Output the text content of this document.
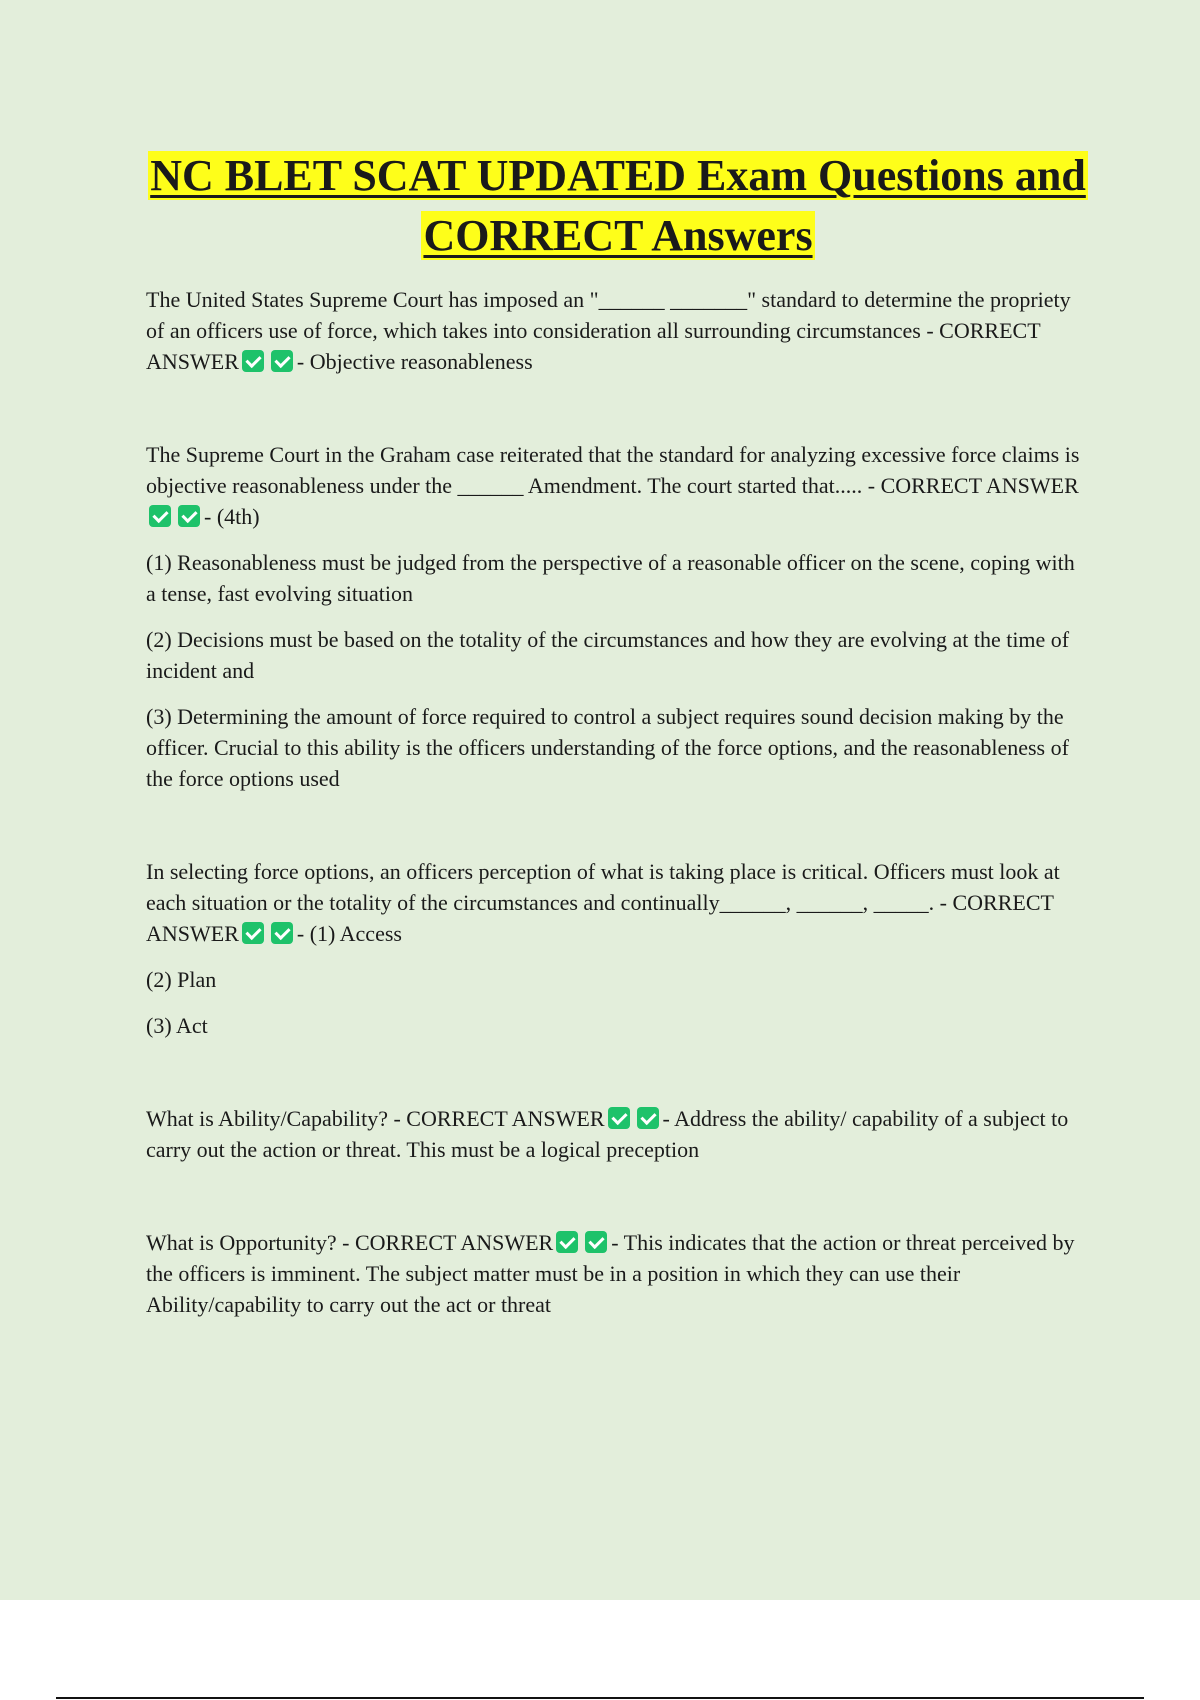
NC BLET SCAT UPDATED Exam Questions and CORRECT Answers

The United States Supreme Court has imposed an "______ _______" standard to determine the propriety of an officers use of force, which takes into consideration all surrounding circumstances - CORRECT ANSWER	- Objective reasonableness

The Supreme Court in the Graham case reiterated that the standard for analyzing excessive force claims is objective reasonableness under the ______ Amendment. The court started that..... - CORRECT ANSWER- (4th)

(1) Reasonableness must be judged from the perspective of a reasonable officer on the scene, coping with a tense, fast evolving situation

(2) Decisions must be based on the totality of the circumstances and how they are evolving at the time of incident and

(3) Determining the amount of force required to control a subject requires sound decision making by the officer. Crucial to this ability is the officers understanding of the force options, and the reasonableness of the force options used

In selecting force options, an officers perception of what is taking place is critical. Officers must look at each situation or the totality of the circumstances and continually______, ______, _____. - CORRECT ANSWER	- (1) Access

(2) Plan

(3) Act

What is Ability/Capability? - CORRECT ANSWER	- Address the ability/ capability of a subject to carry out the action or threat. This must be a logical preception

What is Opportunity? - CORRECT ANSWER	- This indicates that the action or threat perceived by the officers is imminent. The subject matter must be in a position in which they can use their Ability/capability to carry out the act or threat
